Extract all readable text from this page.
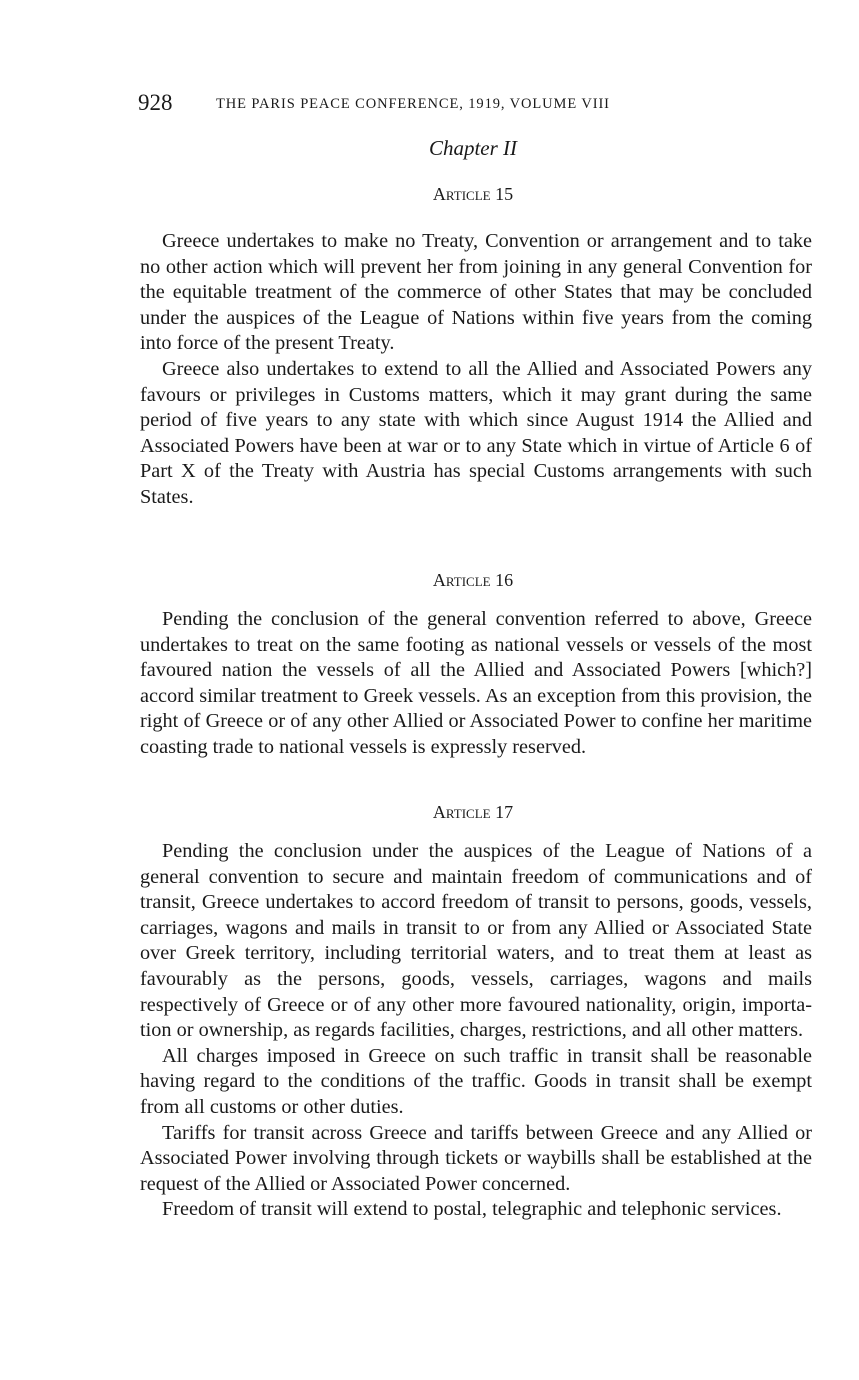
928	THE PARIS PEACE CONFERENCE, 1919, VOLUME VIII
Chapter II
Article 15

Greece undertakes to make no Treaty, Convention or arrangement and to take no other action which will prevent her from joining in any general Convention for the equitable treatment of the commerce of other States that may be concluded under the auspices of the League of Nations within five years from the coming into force of the present Treaty.

Greece also undertakes to extend to all the Allied and Associated Powers any favours or privileges in Customs matters, which it may grant during the same period of five years to any state with which since August 1914 the Allied and Associated Powers have been at war or to any State which in virtue of Article 6 of Part X of the Treaty with Austria has special Customs arrangements with such States.

Article 16

Pending the conclusion of the general convention referred to above, Greece undertakes to treat on the same footing as national vessels or vessels of the most favoured nation the vessels of all the Allied and Associated Powers [which?] accord similar treatment to Greek vessels. As an exception from this provision, the right of Greece or of any other Allied or Associated Power to confine her maritime coasting trade to national vessels is expressly reserved.

Article 17

Pending the conclusion under the auspices of the League of Nations of a general convention to secure and maintain freedom of communications and of transit, Greece undertakes to accord freedom of transit to persons, goods, vessels, carriages, wagons and mails in transit to or from any Allied or Associated State over Greek territory, including territorial waters, and to treat them at least as favourably as the persons, goods, vessels, carriages, wagons and mails respectively of Greece or of any other more favoured nationality, origin, importation or ownership, as regards facilities, charges, restrictions, and all other matters.

All charges imposed in Greece on such traffic in transit shall be reasonable having regard to the conditions of the traffic. Goods in transit shall be exempt from all customs or other duties.

Tariffs for transit across Greece and tariffs between Greece and any Allied or Associated Power involving through tickets or waybills shall be established at the request of the Allied or Associated Power concerned.

Freedom of transit will extend to postal, telegraphic and telephonic services.
